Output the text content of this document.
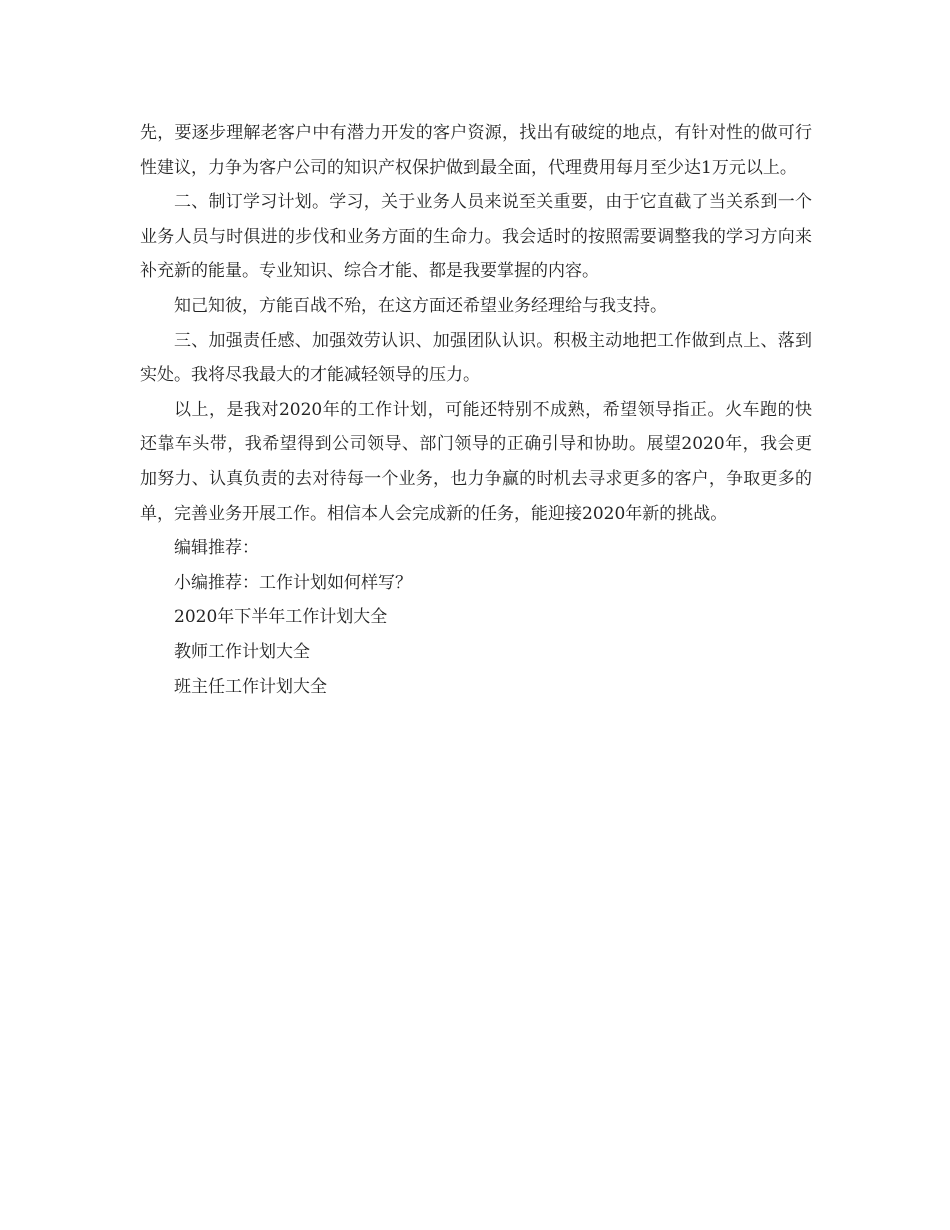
先，要逐步理解老客户中有潜力开发的客户资源，找出有破绽的地点，有针对性的做可行性建议，力争为客户公司的知识产权保护做到最全面，代理费用每月至少达1万元以上。

二、制订学习计划。学习，关于业务人员来说至关重要，由于它直截了当关系到一个业务人员与时俱进的步伐和业务方面的生命力。我会适时的按照需要调整我的学习方向来补充新的能量。专业知识、综合才能、都是我要掌握的内容。

知己知彼，方能百战不殆，在这方面还希望业务经理给与我支持。

三、加强责任感、加强效劳认识、加强团队认识。积极主动地把工作做到点上、落到实处。我将尽我最大的才能减轻领导的压力。

以上，是我对2020年的工作计划，可能还特别不成熟，希望领导指正。火车跑的快还靠车头带，我希望得到公司领导、部门领导的正确引导和协助。展望2020年，我会更加努力、认真负责的去对待每一个业务，也力争赢的时机去寻求更多的客户，争取更多的单，完善业务开展工作。相信本人会完成新的任务，能迎接2020年新的挑战。

编辑推荐：

小编推荐：工作计划如何样写？

2020年下半年工作计划大全

教师工作计划大全

班主任工作计划大全
